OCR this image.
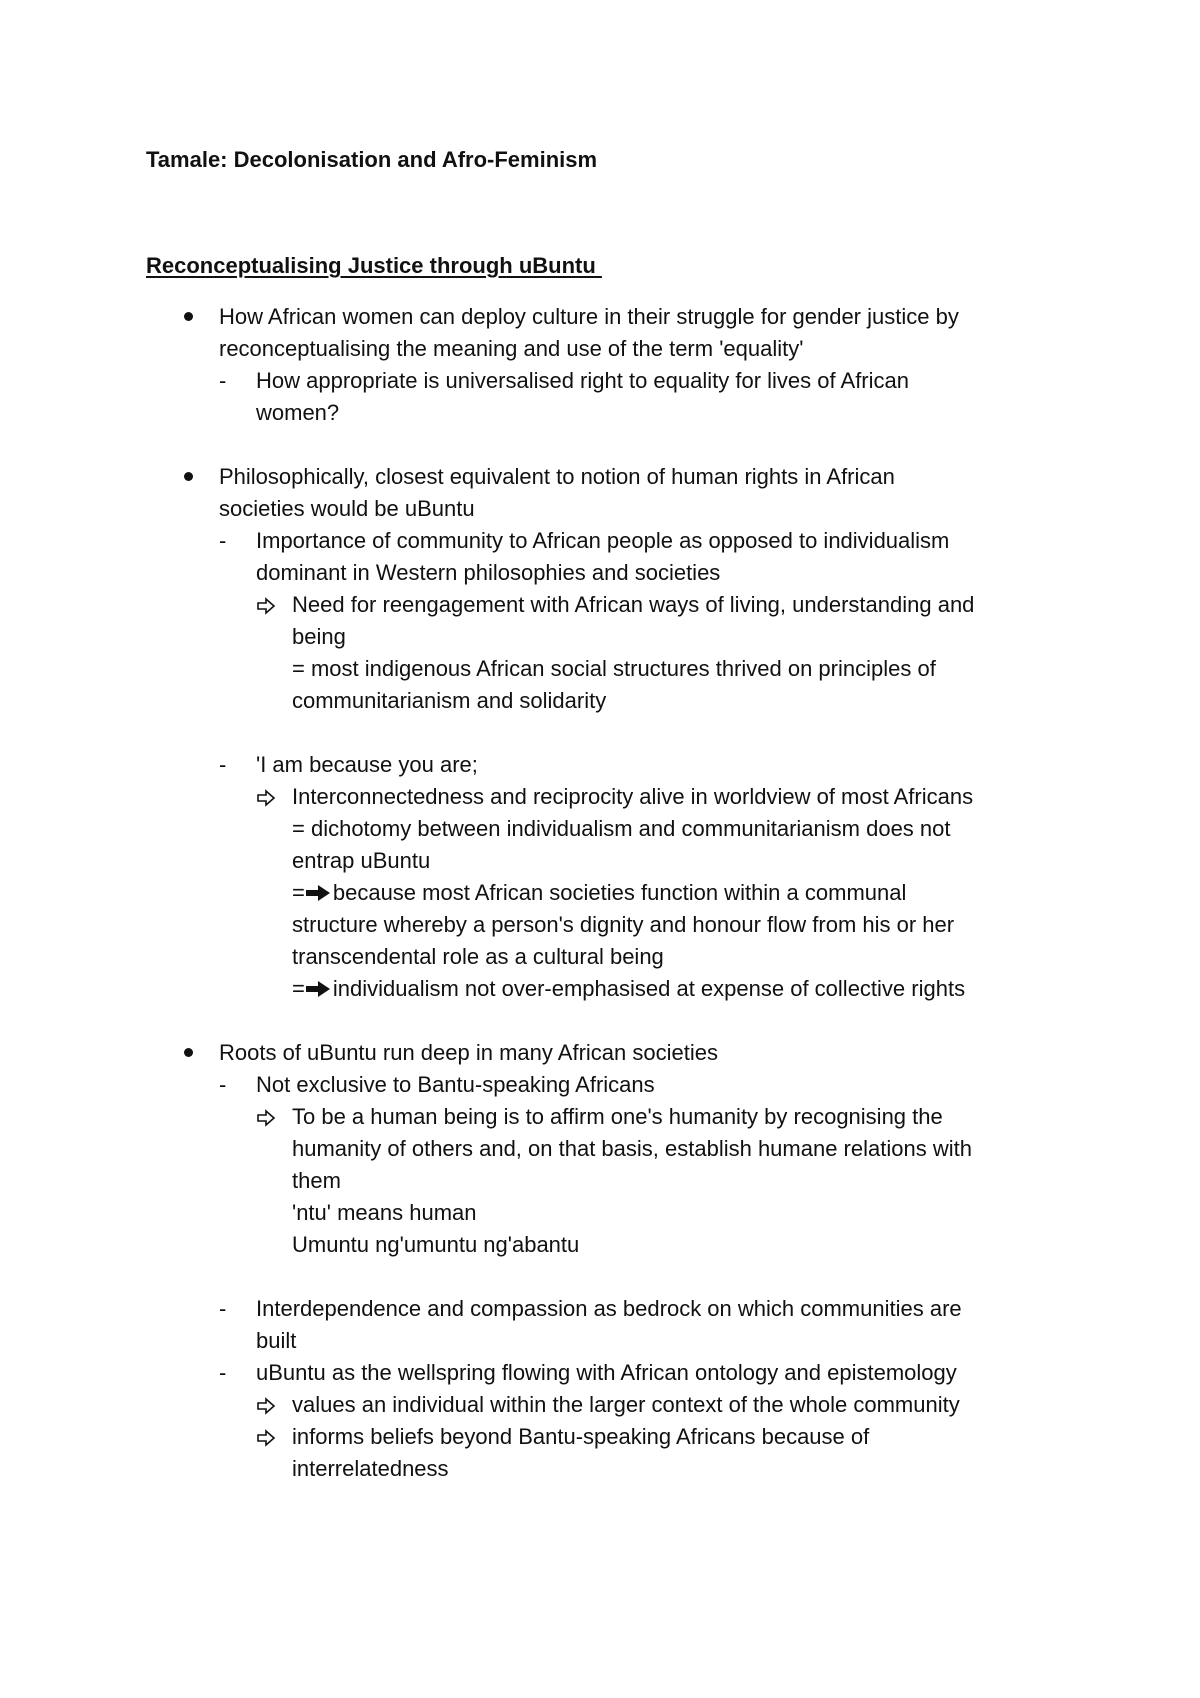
Tamale: Decolonisation and Afro-Feminism
Reconceptualising Justice through uBuntu
How African women can deploy culture in their struggle for gender justice by
reconceptualising the meaning and use of the term 'equality'
- How appropriate is universalised right to equality for lives of African
women?
Philosophically, closest equivalent to notion of human rights in African
societies would be uBuntu
- Importance of community to African people as opposed to individualism
dominant in Western philosophies and societies
Need for reengagement with African ways of living, understanding and
being
= most indigenous African social structures thrived on principles of
communitarianism and solidarity
- 'I am because you are;
Interconnectedness and reciprocity alive in worldview of most Africans
= dichotomy between individualism and communitarianism does not
entrap uBuntu
= because most African societies function within a communal
structure whereby a person's dignity and honour flow from his or her
transcendental role as a cultural being
= individualism not over-emphasised at expense of collective rights
Roots of uBuntu run deep in many African societies
- Not exclusive to Bantu-speaking Africans
To be a human being is to affirm one's humanity by recognising the
humanity of others and, on that basis, establish humane relations with
them
'ntu' means human
Umuntu ng'umuntu ng'abantu
- Interdependence and compassion as bedrock on which communities are
built
- uBuntu as the wellspring flowing with African ontology and epistemology
values an individual within the larger context of the whole community
informs beliefs beyond Bantu-speaking Africans because of
interrelatedness
